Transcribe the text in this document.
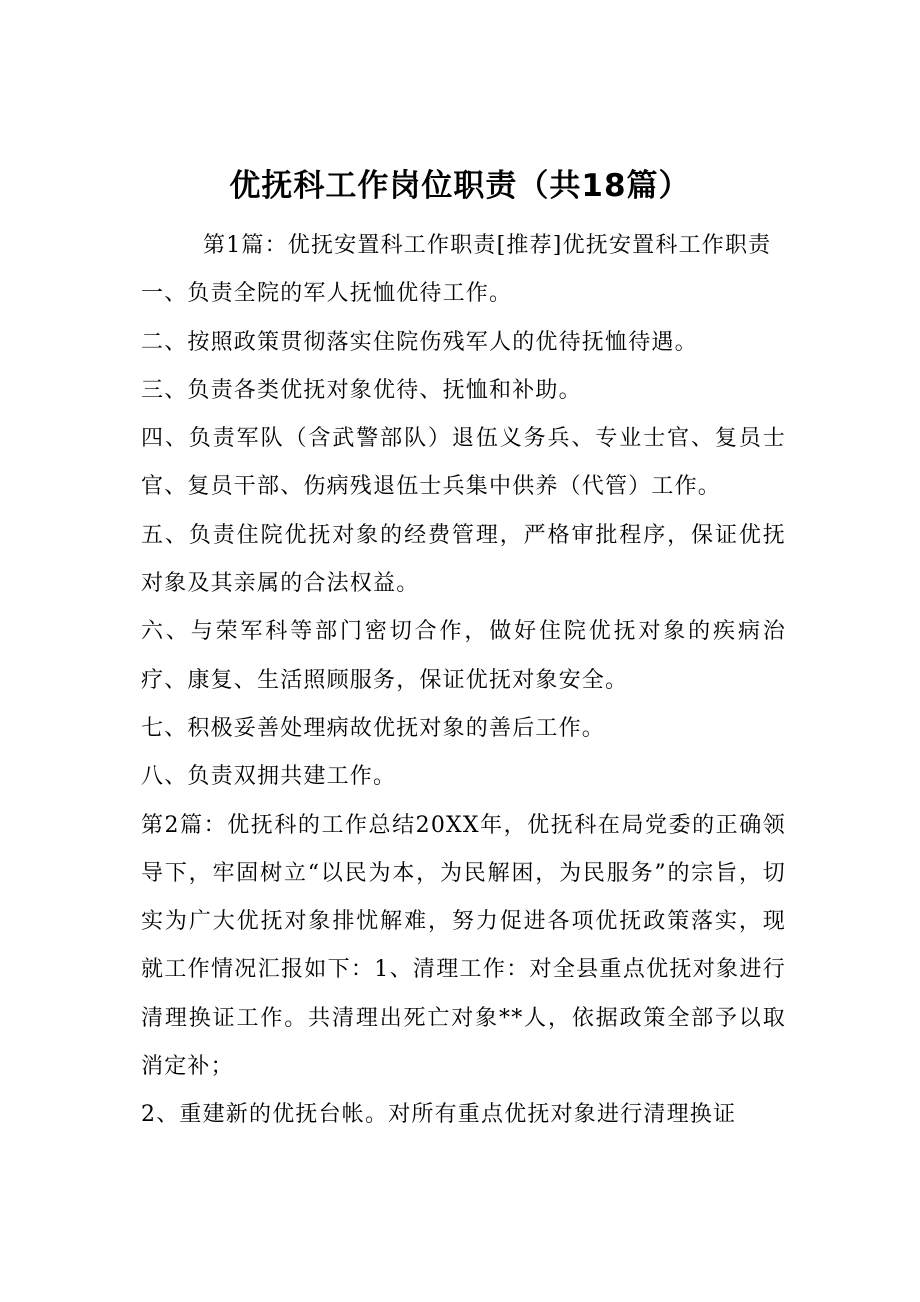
优抚科工作岗位职责（共18篇）

第1篇：优抚安置科工作职责[推荐]优抚安置科工作职责

一、负责全院的军人抚恤优待工作。

二、按照政策贯彻落实住院伤残军人的优待抚恤待遇。

三、负责各类优抚对象优待、抚恤和补助。

四、负责军队（含武警部队）退伍义务兵、专业士官、复员士官、复员干部、伤病残退伍士兵集中供养（代管）工作。

五、负责住院优抚对象的经费管理，严格审批程序，保证优抚对象及其亲属的合法权益。

六、与荣军科等部门密切合作，做好住院优抚对象的疾病治疗、康复、生活照顾服务，保证优抚对象安全。

七、积极妥善处理病故优抚对象的善后工作。

八、负责双拥共建工作。

第2篇：优抚科的工作总结20XX年，优抚科在局党委的正确领导下，牢固树立“以民为本，为民解困，为民服务”的宗旨，切实为广大优抚对象排忧解难，努力促进各项优抚政策落实，现就工作情况汇报如下：1、清理工作：对全县重点优抚对象进行清理换证工作。共清理出死亡对象**人，依据政策全部予以取消定补；

2、重建新的优抚台帐。对所有重点优抚对象进行清理换证
